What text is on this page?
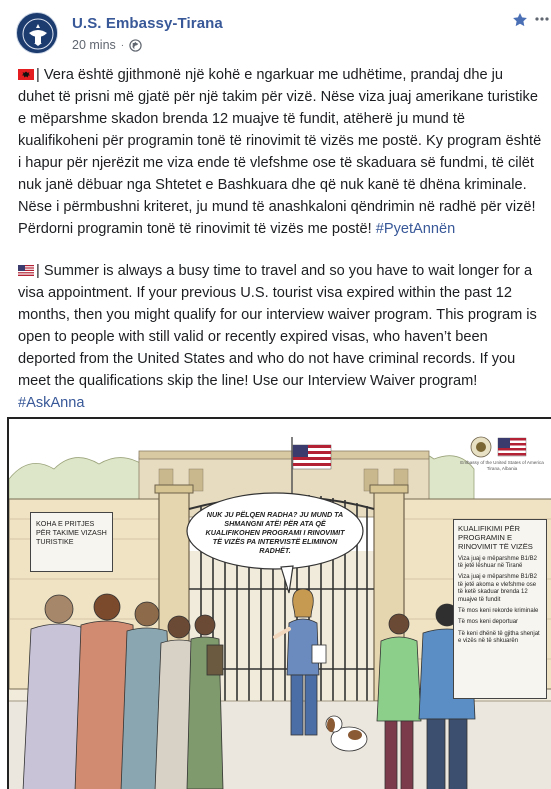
U.S. Embassy-Tirana
20 mins ·
| Vera është gjithmonë një kohë e ngarkuar me udhëtime, prandaj dhe ju duhet të prisni më gjatë për një takim për vizë. Nëse viza juaj amerikane turistike e mëparshme skadon brenda 12 muajve të fundit, atëherë ju mund të kualifikoheni për programin tonë të rinovimit të vizës me postë. Ky program është i hapur për njerëzit me viza ende të vlefshme ose të skaduara së fundmi, të cilët nuk janë dëbuar nga Shtetet e Bashkuara dhe që nuk kanë të dhëna kriminale. Nëse i përmbushni kriteret, ju mund të anashkaloni qëndrimin në radhë për vizë! Përdorni programin tonë të rinovimit të vizës me postë! #PyetAnnën
| Summer is always a busy time to travel and so you have to wait longer for a visa appointment. If your previous U.S. tourist visa expired within the past 12 months, then you might qualify for our interview waiver program. This program is open to people with still valid or recently expired visas, who haven’t been deported from the United States and who do not have criminal records. If you meet the qualifications skip the line! Use our Interview Waiver program! #AskAnna
KOHA E PRITJES PËR TAKIME VIZASH TURISTIKE
NUK JU PËLQEN RADHA? JU MUND TA SHMANGNI ATË! PËR ATA QË KUALIFIKOHEN PROGRAMI I RINOVIMIT TË VIZËS PA INTERVISTË ELIMINON RADHËT.
Embassy of the United States of America
Tirana, Albania
KUALIFIKIMI PËR PROGRAMIN E RINOVIMIT TË VIZËS
Viza juaj e mëparshme B1/B2 të jetë lëshuar në Tiranë
Viza juaj e mëparshme B1/B2 të jetë akoma e vlefshme ose të ketë skaduar brenda 12 muajve të fundit
Të mos keni rekorde kriminale
Të mos keni deportuar
Të keni dhënë të gjitha shenjat e vizës në të shkuarën
